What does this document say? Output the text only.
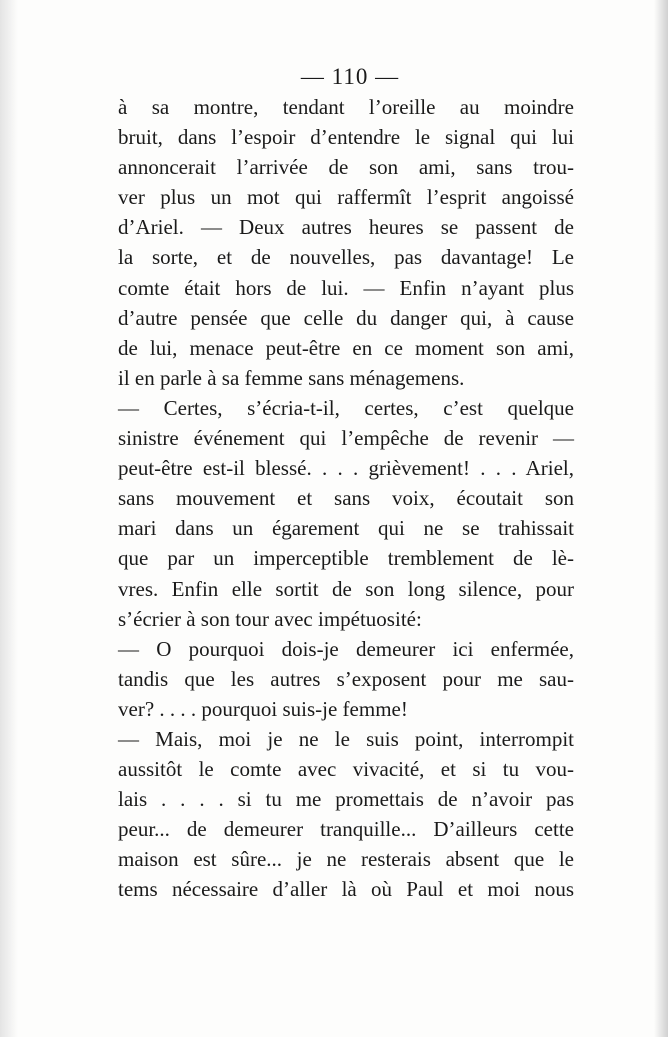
— 110 —
à sa montre, tendant l’oreille au moindre
bruit, dans l’espoir d’entendre le signal qui lui
annoncerait l’arrivée de son ami, sans trou-
ver plus un mot qui raffermît l’esprit angoissé
d’Ariel. — Deux autres heures se passent de
la sorte, et de nouvelles, pas davantage! Le
comte était hors de lui. — Enfin n’ayant plus
d’autre pensée que celle du danger qui, à cause
de lui, menace peut-être en ce moment son ami,
il en parle à sa femme sans ménagemens.
— Certes, s’écria-t-il, certes, c’est quelque
sinistre événement qui l’empêche de revenir —
peut-être est-il blessé. . . . grièvement! . . . Ariel,
sans mouvement et sans voix, écoutait son
mari dans un égarement qui ne se trahissait
que par un imperceptible tremblement de lè-
vres. Enfin elle sortit de son long silence, pour
s’écrier à son tour avec impétuosité:
— O pourquoi dois-je demeurer ici enfermée,
tandis que les autres s’exposent pour me sau-
ver? . . . . pourquoi suis-je femme!
— Mais, moi je ne le suis point, interrompit
aussitôt le comte avec vivacité, et si tu vou-
lais . . . . si tu me promettais de n’avoir pas
peur... de demeurer tranquille... D’ailleurs cette
maison est sûre... je ne resterais absent que le
tems nécessaire d’aller là où Paul et moi nous
